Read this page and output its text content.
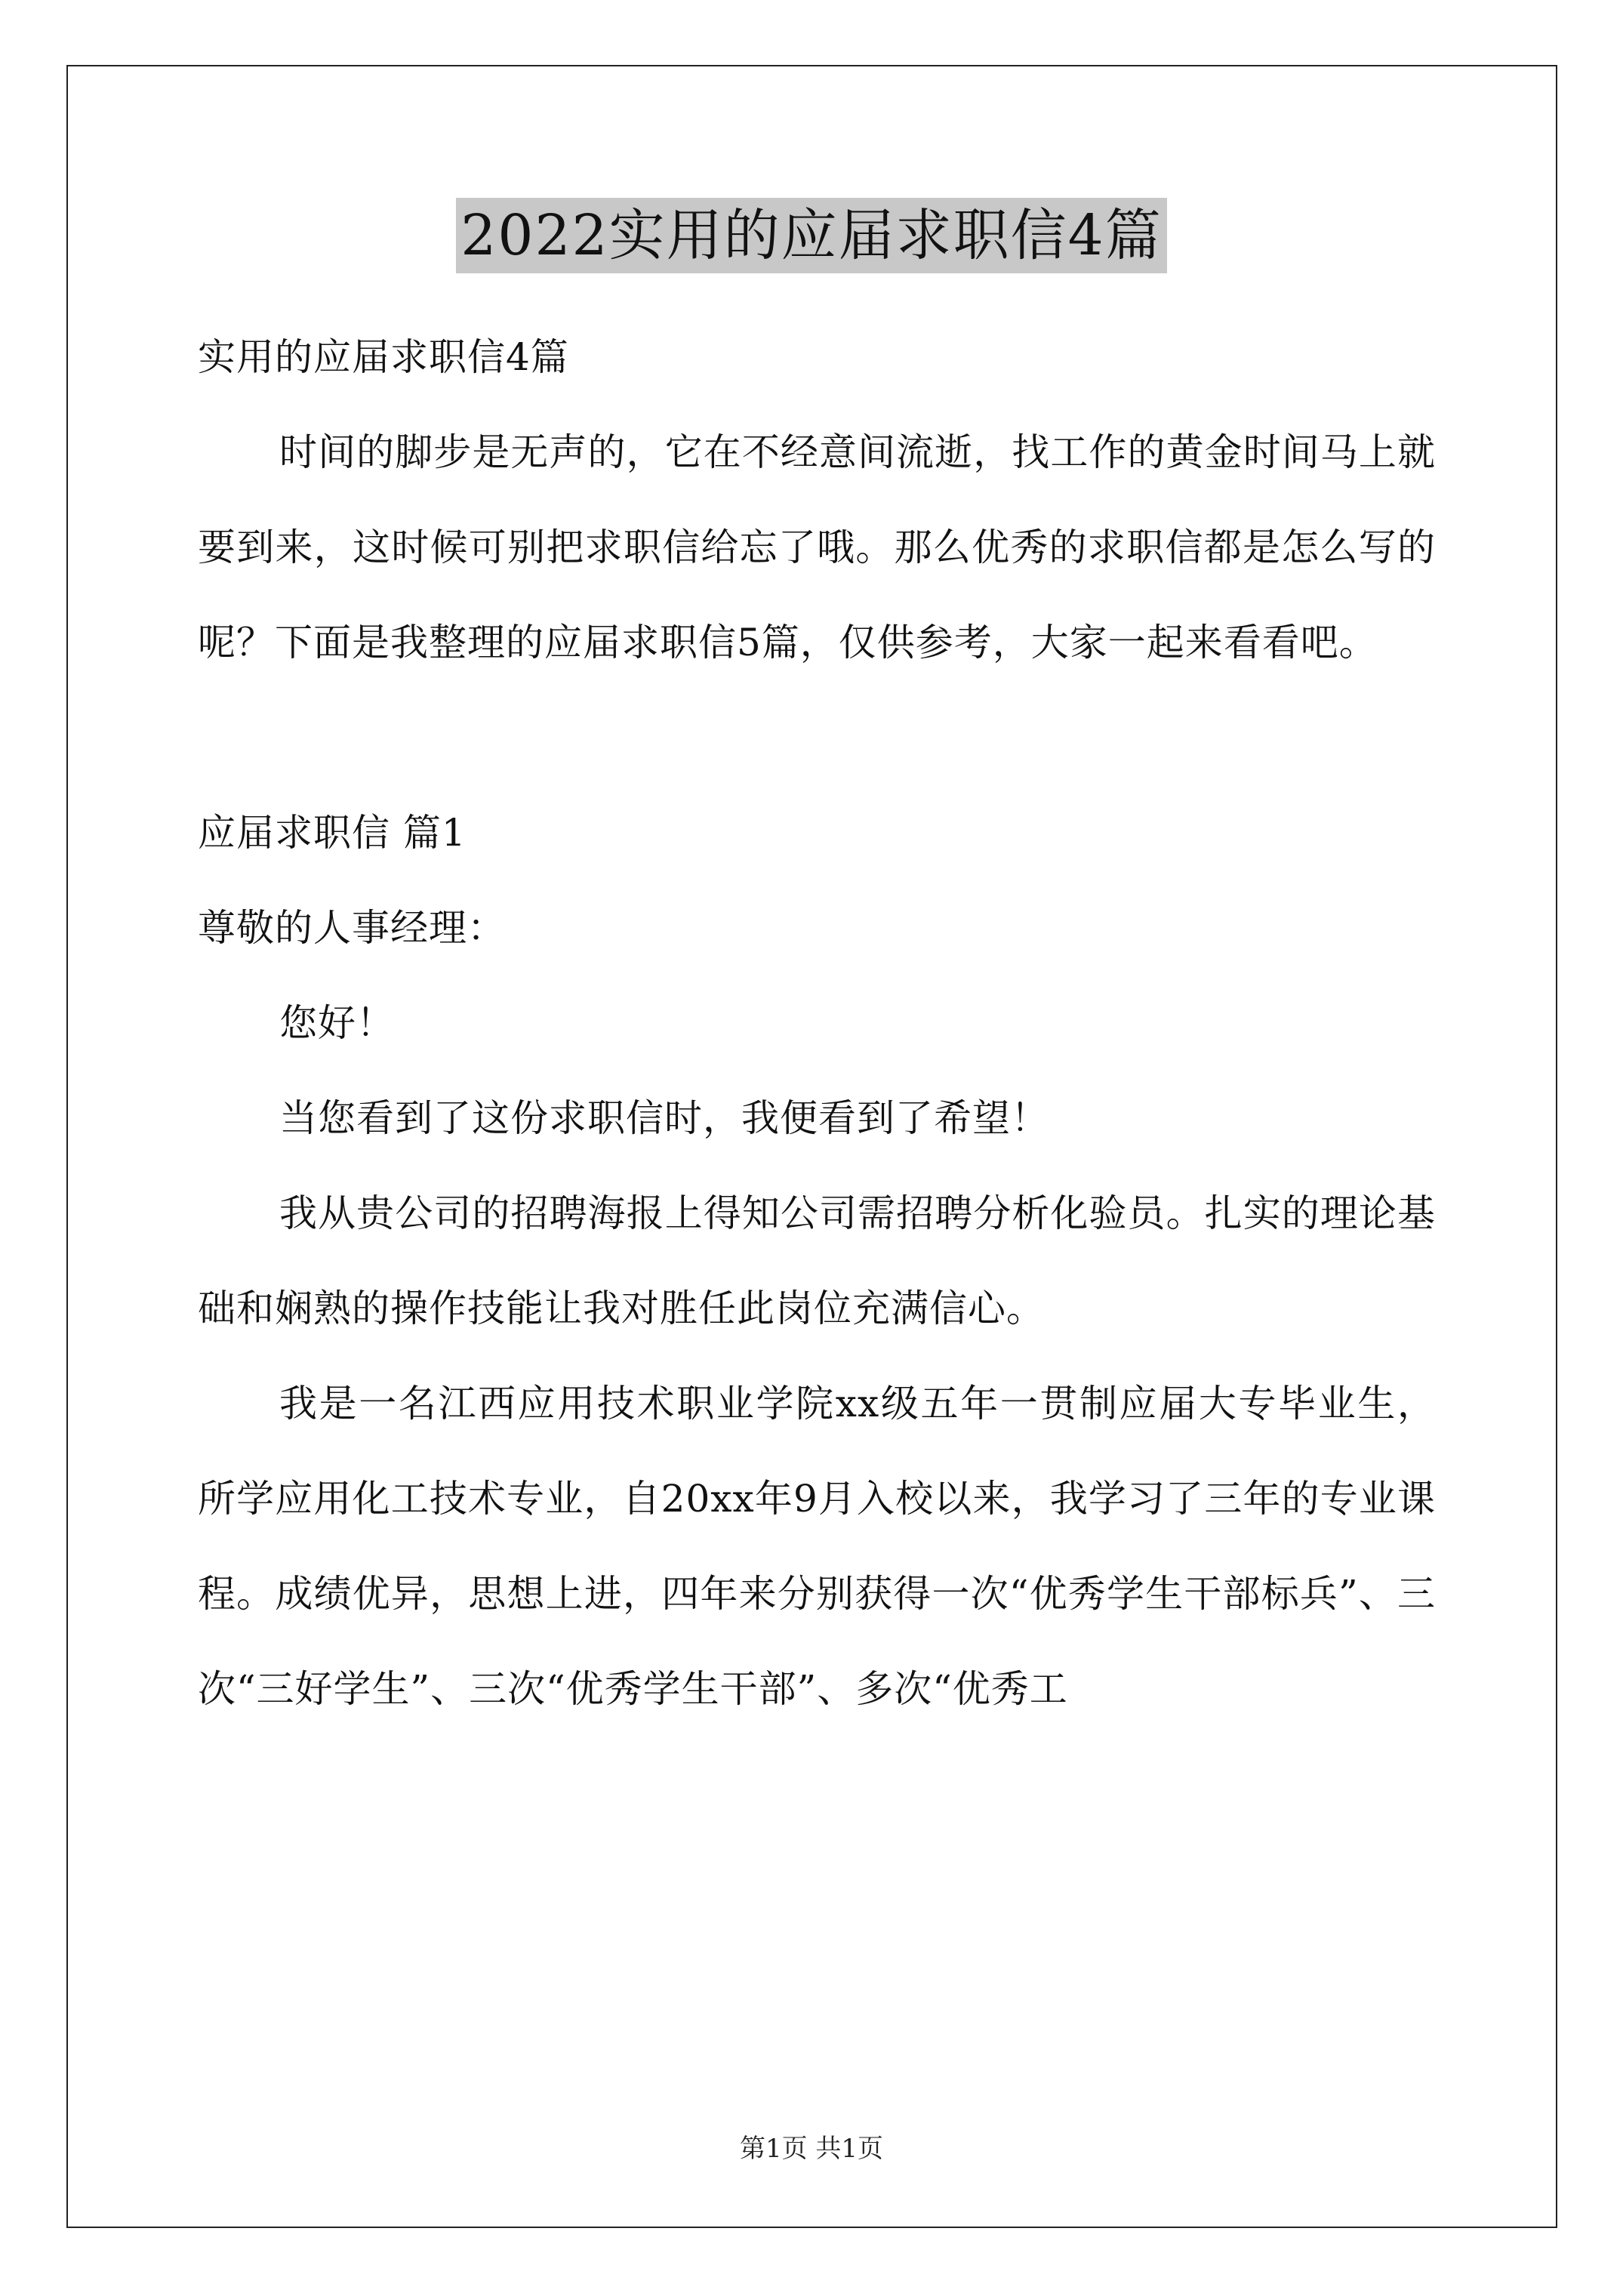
2022实用的应届求职信4篇

实用的应届求职信4篇

时间的脚步是无声的，它在不经意间流逝，找工作的黄金时间马上就要到来，这时候可别把求职信给忘了哦。那么优秀的求职信都是怎么写的呢？下面是我整理的应届求职信5篇，仅供参考，大家一起来看看吧。

应届求职信 篇1

尊敬的人事经理：

您好！

当您看到了这份求职信时，我便看到了希望！

我从贵公司的招聘海报上得知公司需招聘分析化验员。扎实的理论基础和娴熟的操作技能让我对胜任此岗位充满信心。

我是一名江西应用技术职业学院xx级五年一贯制应届大专毕业生，所学应用化工技术专业，自20xx年9月入校以来，我学习了三年的专业课程。成绩优异，思想上进，四年来分别获得一次“优秀学生干部标兵”、三次“三好学生”、三次“优秀学生干部”、多次“优秀工

第1页 共1页
